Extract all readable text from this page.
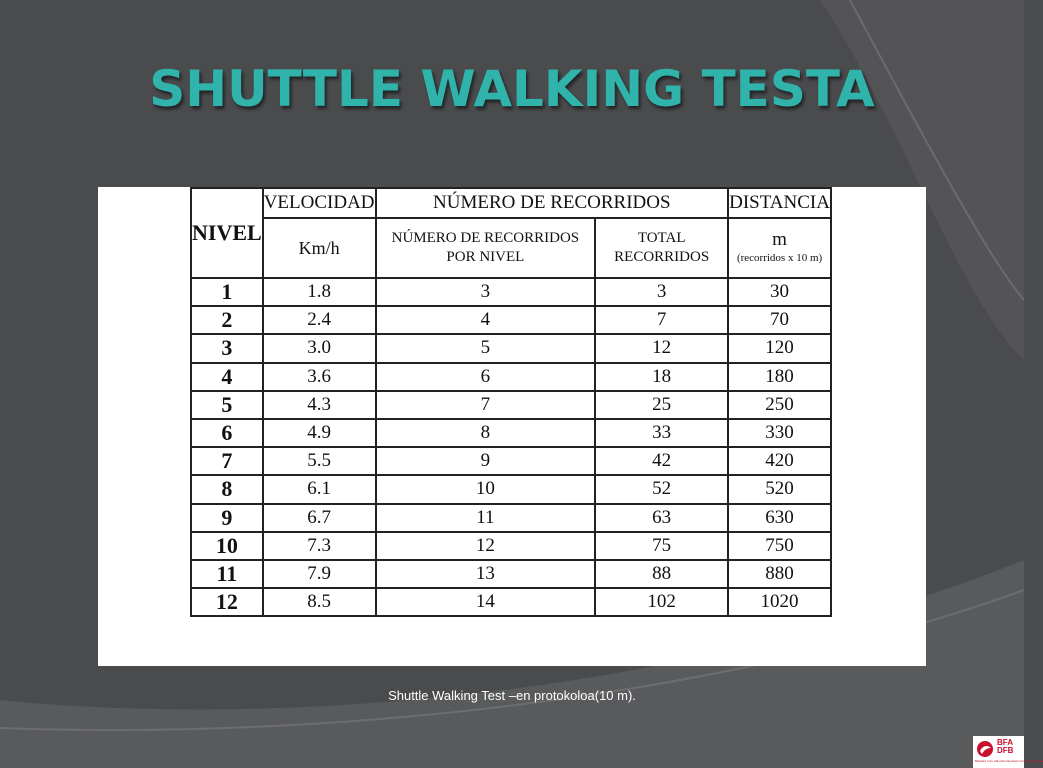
SHUTTLE WALKING TESTA
NIVEL	VELOCIDAD	NÚMERO DE RECORRIDOS		DISTANCIA
	Km/h	NÚMERO DE RECORRIDOS POR NIVEL	TOTAL RECORRIDOS	m
(recorridos x 10 m)

1	1.8	3	3	30
2	2.4	4	7	70
3	3.0	5	12	120
4	3.6	6	18	180
5	4.3	7	25	250
6	4.9	8	33	330
7	5.5	9	42	420
8	6.1	10	52	520
9	6.7	11	63	630
10	7.3	12	75	750
11	7.9	13	88	880
12	8.5	14	102	1020
Shuttle Walking Test –en protokoloa(10 m).
BFA
DFB
Bizkaiko Foru Aldundia Diputación Foral de Bizkaia
